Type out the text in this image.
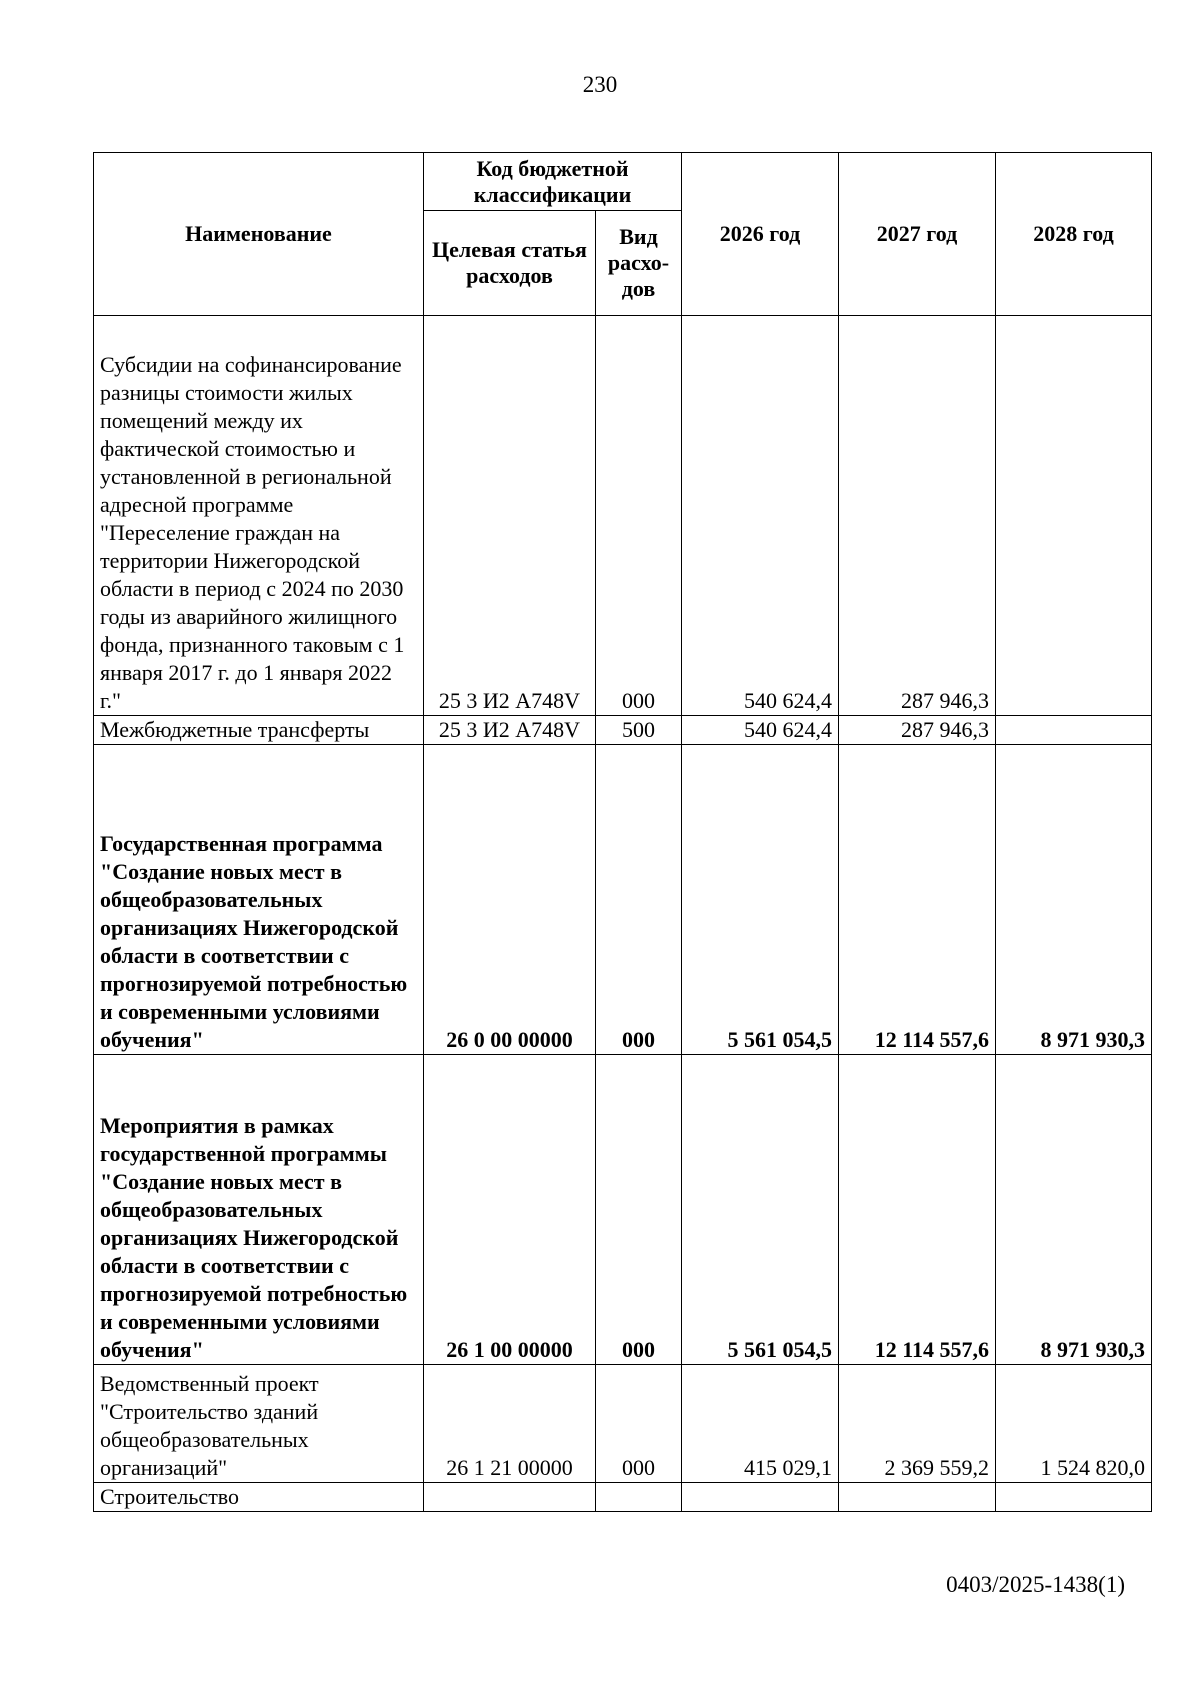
230
Наименование	Код бюджетной классификации		2026 год	2027 год	2028 год
	Целевая статья расходов	Вид расхо-дов			
Субсидии на софинансирование разницы стоимости жилых помещений между их фактической стоимостью и установленной в региональной адресной программе "Переселение граждан на территории Нижегородской области в период с 2024 по 2030 годы из аварийного жилищного фонда, признанного таковым с 1 января 2017 г. до 1 января 2022 г."	25 3 И2 А748V	000	540 624,4	287 946,3	
Межбюджетные трансферты	25 3 И2 А748V	500	540 624,4	287 946,3	
Государственная программа "Создание новых мест в общеобразовательных организациях Нижегородской области в соответствии с прогнозируемой потребностью и современными условиями обучения"	26 0 00 00000	000	5 561 054,5	12 114 557,6	8 971 930,3
Мероприятия в рамках государственной программы "Создание новых мест в общеобразовательных организациях Нижегородской области в соответствии с прогнозируемой потребностью и современными условиями обучения"	26 1 00 00000	000	5 561 054,5	12 114 557,6	8 971 930,3
Ведомственный проект "Строительство зданий общеобразовательных организаций"	26 1 21 00000	000	415 029,1	2 369 559,2	1 524 820,0
Строительство					
0403/2025-1438(1)
